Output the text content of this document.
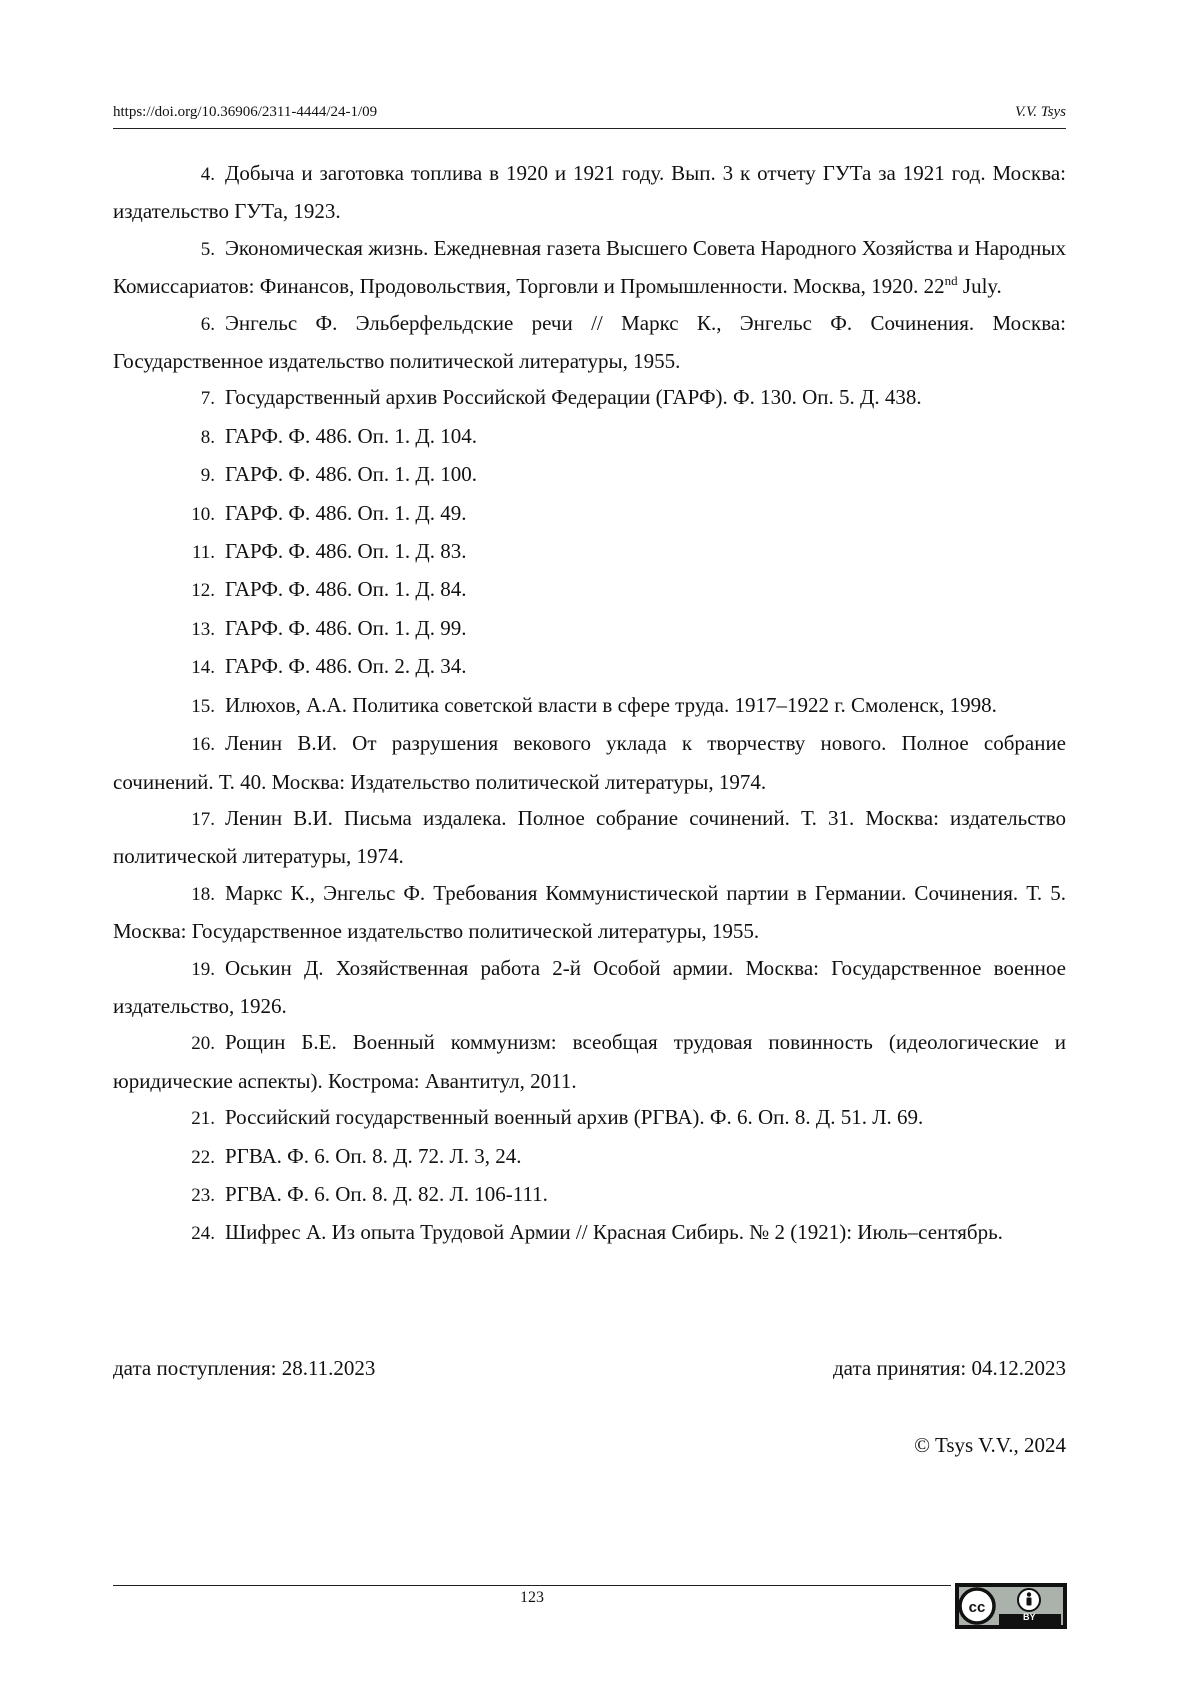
https://doi.org/10.36906/2311-4444/24-1/09	V.V. Tsys

4. Добыча и заготовка топлива в 1920 и 1921 году. Вып. 3 к отчету ГУТа за 1921 год. Москва: издательство ГУТа, 1923.

5. Экономическая жизнь. Ежедневная газета Высшего Совета Народного Хозяйства и Народных Комиссариатов: Финансов, Продовольствия, Торговли и Промышленности. Москва, 1920. 22nd July.

6. Энгельс Ф. Эльберфельдские речи // Маркс К., Энгельс Ф. Сочинения. Москва: Государственное издательство политической литературы, 1955.

7. Государственный архив Российской Федерации (ГАРФ). Ф. 130. Оп. 5. Д. 438.

8. ГАРФ. Ф. 486. Оп. 1. Д. 104.

9. ГАРФ. Ф. 486. Оп. 1. Д. 100.

10. ГАРФ. Ф. 486. Оп. 1. Д. 49.

11. ГАРФ. Ф. 486. Оп. 1. Д. 83.

12. ГАРФ. Ф. 486. Оп. 1. Д. 84.

13. ГАРФ. Ф. 486. Оп. 1. Д. 99.

14. ГАРФ. Ф. 486. Оп. 2. Д. 34.

15. Илюхов, А.А. Политика советской власти в сфере труда. 1917–1922 г. Смоленск, 1998.

16. Ленин В.И. От разрушения векового уклада к творчеству нового. Полное собрание сочинений. Т. 40. Москва: Издательство политической литературы, 1974.

17. Ленин В.И. Письма издалека. Полное собрание сочинений. Т. 31. Москва: издательство политической литературы, 1974.

18. Маркс К., Энгельс Ф. Требования Коммунистической партии в Германии. Сочинения. Т. 5. Москва: Государственное издательство политической литературы, 1955.

19. Оськин Д. Хозяйственная работа 2-й Особой армии. Москва: Государственное военное издательство, 1926.

20. Рощин Б.Е. Военный коммунизм: всеобщая трудовая повинность (идеологические и юридические аспекты). Кострома: Авантитул, 2011.

21. Российский государственный военный архив (РГВА). Ф. 6. Оп. 8. Д. 51. Л. 69.

22. РГВА. Ф. 6. Оп. 8. Д. 72. Л. 3, 24.

23. РГВА. Ф. 6. Оп. 8. Д. 82. Л. 106-111.

24. Шифрес А. Из опыта Трудовой Армии // Красная Сибирь. № 2 (1921): Июль–сентябрь.

дата поступления: 28.11.2023	дата принятия: 04.12.2023
© Tsys V.V., 2024
123
cc
BY
